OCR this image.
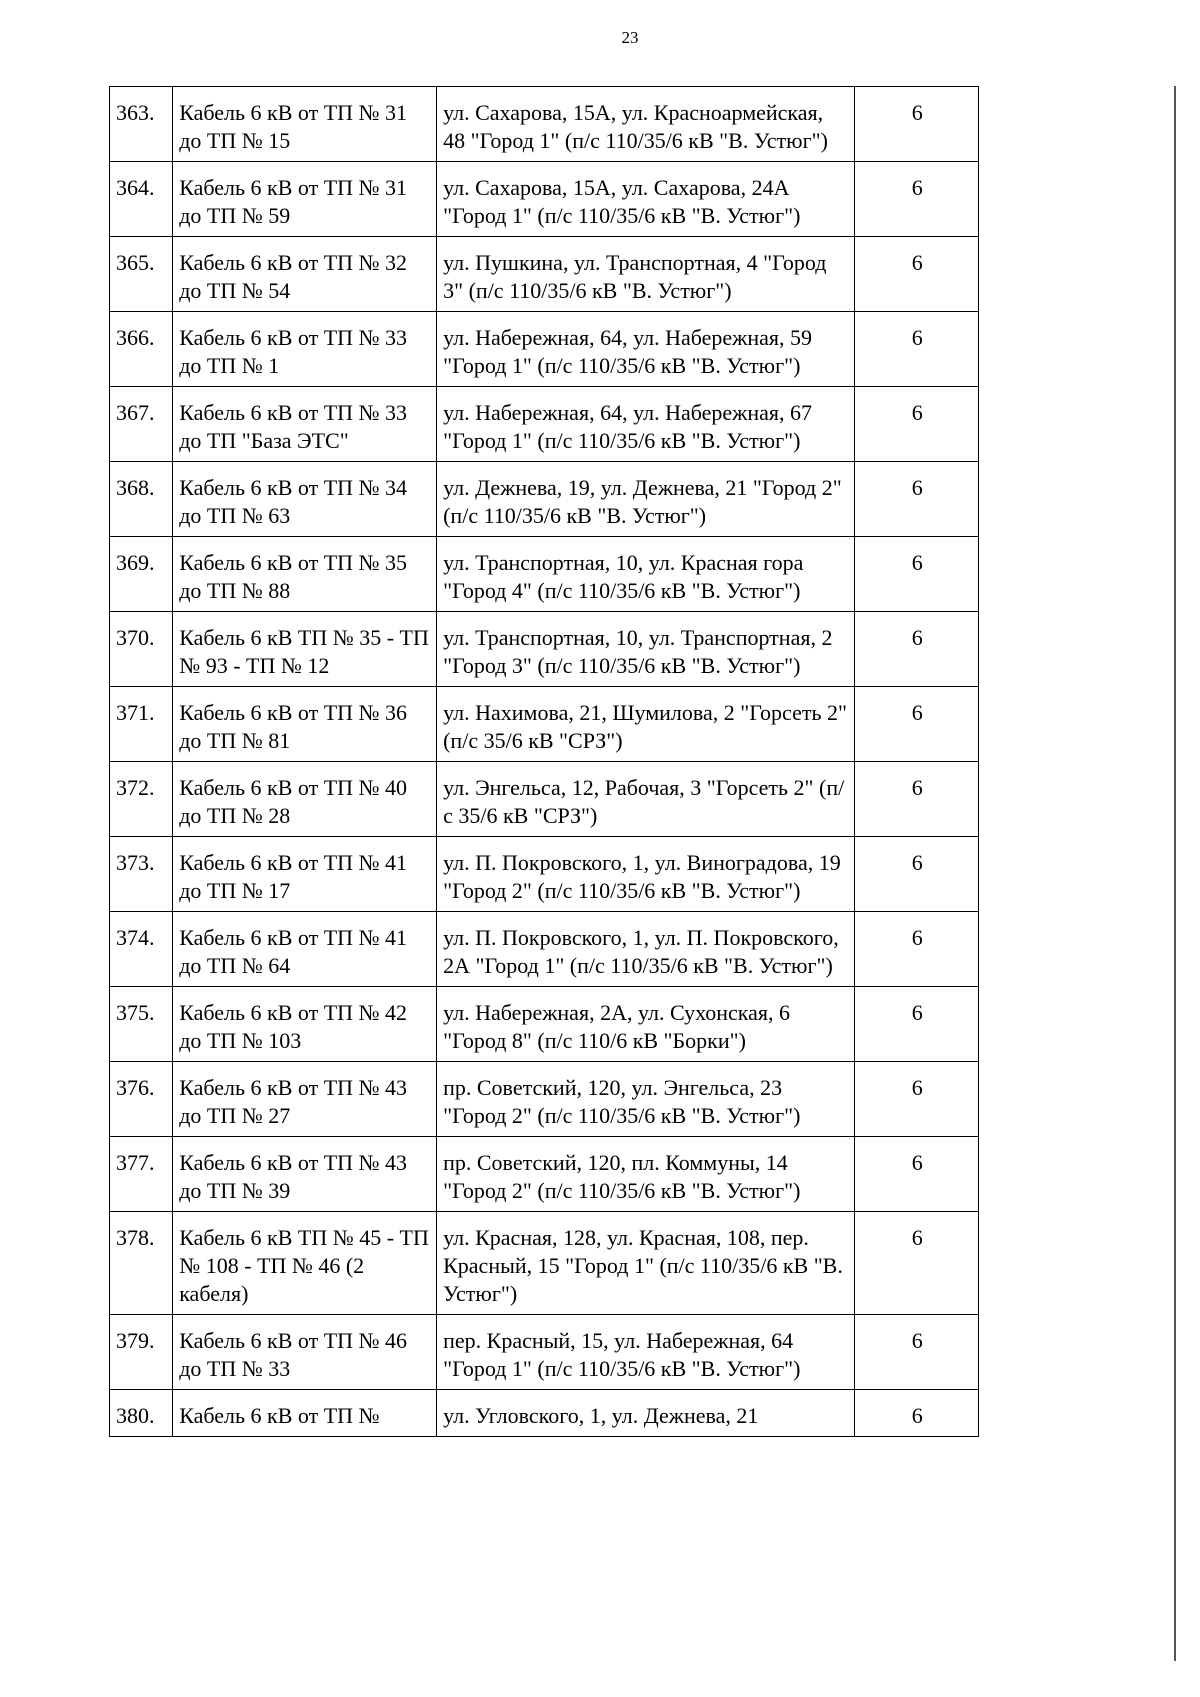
23
363.	Кабель 6 кВ от ТП № 31 до ТП № 15	ул. Сахарова, 15А, ул. Красноармейская, 48 "Город 1" (п/с 110/35/6 кВ "В. Устюг")	6
364.	Кабель 6 кВ от ТП № 31 до ТП № 59	ул. Сахарова, 15А, ул. Сахарова, 24А "Город 1" (п/с 110/35/6 кВ "В. Устюг")	6
365.	Кабель 6 кВ от ТП № 32 до ТП № 54	ул. Пушкина, ул. Транспортная, 4 "Город 3" (п/с 110/35/6 кВ "В. Устюг")	6
366.	Кабель 6 кВ от ТП № 33 до ТП № 1	ул. Набережная, 64, ул. Набережная, 59 "Город 1" (п/с 110/35/6 кВ "В. Устюг")	6
367.	Кабель 6 кВ от ТП № 33 до ТП "База ЭТС"	ул. Набережная, 64, ул. Набережная, 67 "Город 1" (п/с 110/35/6 кВ "В. Устюг")	6
368.	Кабель 6 кВ от ТП № 34 до ТП № 63	ул. Дежнева, 19, ул. Дежнева, 21 "Город 2" (п/с 110/35/6 кВ "В. Устюг")	6
369.	Кабель 6 кВ от ТП № 35 до ТП № 88	ул. Транспортная, 10, ул. Красная гора "Город 4" (п/с 110/35/6 кВ "В. Устюг")	6
370.	Кабель 6 кВ ТП № 35 - ТП № 93 - ТП № 12	ул. Транспортная, 10, ул. Транспортная, 2 "Город 3" (п/с 110/35/6 кВ "В. Устюг")	6
371.	Кабель 6 кВ от ТП № 36 до ТП № 81	ул. Нахимова, 21, Шумилова, 2 "Горсеть 2" (п/с 35/6 кВ "СРЗ")	6
372.	Кабель 6 кВ от ТП № 40 до ТП № 28	ул. Энгельса, 12, Рабочая, 3 "Горсеть 2" (п/с 35/6 кВ "СРЗ")	6
373.	Кабель 6 кВ от ТП № 41 до ТП № 17	ул. П. Покровского, 1, ул. Виноградова, 19 "Город 2" (п/с 110/35/6 кВ "В. Устюг")	6
374.	Кабель 6 кВ от ТП № 41 до ТП № 64	ул. П. Покровского, 1, ул. П. Покровского, 2А "Город 1" (п/с 110/35/6 кВ "В. Устюг")	6
375.	Кабель 6 кВ от ТП № 42 до ТП № 103	ул. Набережная, 2А, ул. Сухонская, 6 "Город 8" (п/с 110/6 кВ "Борки")	6
376.	Кабель 6 кВ от ТП № 43 до ТП № 27	пр. Советский, 120, ул. Энгельса, 23 "Город 2" (п/с 110/35/6 кВ "В. Устюг")	6
377.	Кабель 6 кВ от ТП № 43 до ТП № 39	пр. Советский, 120, пл. Коммуны, 14 "Город 2" (п/с 110/35/6 кВ "В. Устюг")	6
378.	Кабель 6 кВ ТП № 45 - ТП № 108 - ТП № 46 (2 кабеля)	ул. Красная, 128, ул. Красная, 108, пер. Красный, 15 "Город 1" (п/с 110/35/6 кВ "В. Устюг")	6
379.	Кабель 6 кВ от ТП № 46 до ТП № 33	пер. Красный, 15, ул. Набережная, 64 "Город 1" (п/с 110/35/6 кВ "В. Устюг")	6
380.	Кабель 6 кВ от ТП №	ул. Угловского, 1, ул. Дежнева, 21	6
